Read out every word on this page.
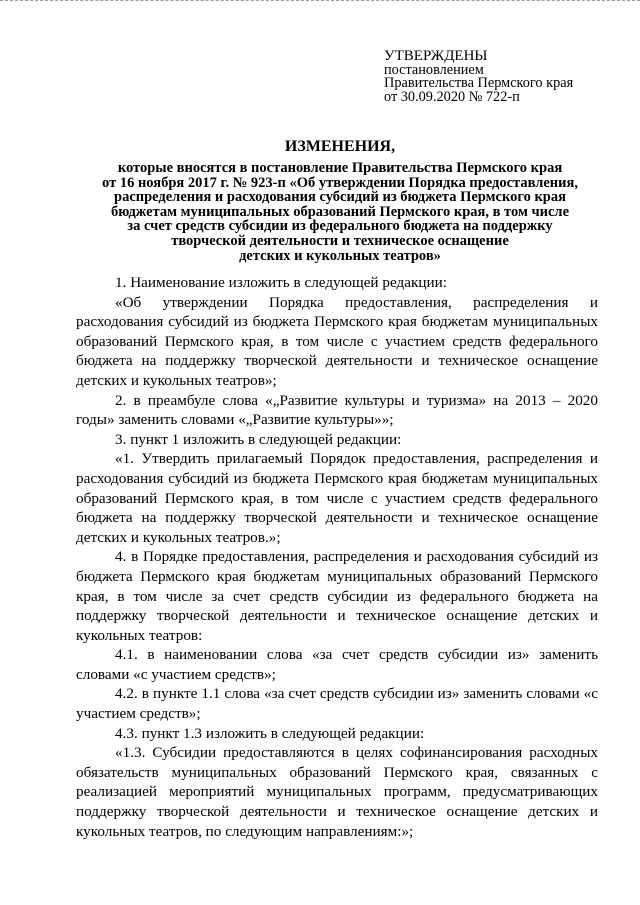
УТВЕРЖДЕНЫ
постановлением
Правительства Пермского края
от 30.09.2020 № 722-п
ИЗМЕНЕНИЯ,
которые вносятся в постановление Правительства Пермского края
от 16 ноября 2017 г. № 923-п «Об утверждении Порядка предоставления,
распределения и расходования субсидий из бюджета Пермского края
бюджетам муниципальных образований Пермского края, в том числе
за счет средств субсидии из федерального бюджета на поддержку
творческой деятельности и техническое оснащение
детских и кукольных театров»

1. Наименование изложить в следующей редакции:

«Об утверждении Порядка предоставления, распределения и расходования субсидий из бюджета Пермского края бюджетам муниципальных образований Пермского края, в том числе с участием средств федерального бюджета на поддержку творческой деятельности и техническое оснащение детских и кукольных театров»;

2. в преамбуле слова «„Развитие культуры и туризма» на 2013 – 2020 годы» заменить словами «„Развитие культуры»»;

3. пункт 1 изложить в следующей редакции:

«1. Утвердить прилагаемый Порядок предоставления, распределения и расходования субсидий из бюджета Пермского края бюджетам муниципальных образований Пермского края, в том числе с участием средств федерального бюджета на поддержку творческой деятельности и техническое оснащение детских и кукольных театров.»;

4. в Порядке предоставления, распределения и расходования субсидий из бюджета Пермского края бюджетам муниципальных образований Пермского края, в том числе за счет средств субсидии из федерального бюджета на поддержку творческой деятельности и техническое оснащение детских и кукольных театров:

4.1. в наименовании слова «за счет средств субсидии из» заменить словами «с участием средств»;

4.2. в пункте 1.1 слова «за счет средств субсидии из» заменить словами «с участием средств»;

4.3. пункт 1.3 изложить в следующей редакции:

«1.3. Субсидии предоставляются в целях софинансирования расходных обязательств муниципальных образований Пермского края, связанных с реализацией мероприятий муниципальных программ, предусматривающих поддержку творческой деятельности и техническое оснащение детских и кукольных театров, по следующим направлениям:»;
